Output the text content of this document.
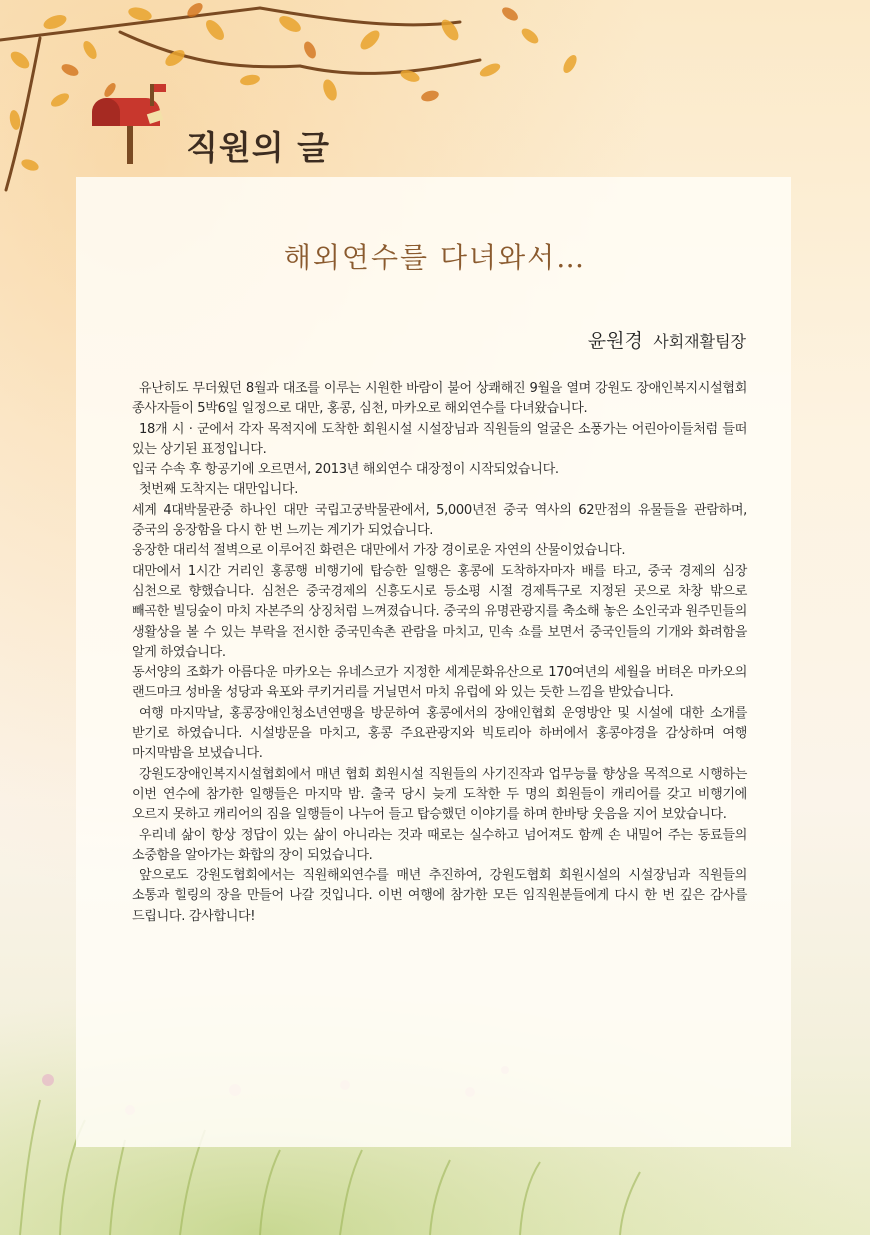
직원의 글
해외연수를 다녀와서…
윤원경 사회재활팀장

유난히도 무더웠던 8월과 대조를 이루는 시원한 바람이 불어 상쾌해진 9월을 열며 강원도 장애인복지시설협회 종사자들이 5박6일 일정으로 대만, 홍콩, 심천, 마카오로 해외연수를 다녀왔습니다.

18개 시 · 군에서 각자 목적지에 도착한 회원시설 시설장님과 직원들의 얼굴은 소풍가는 어린아이들처럼 들떠 있는 상기된 표정입니다.

입국 수속 후 항공기에 오르면서, 2013년 해외연수 대장정이 시작되었습니다.

첫번째 도착지는 대만입니다.

세계 4대박물관중 하나인 대만 국립고궁박물관에서, 5,000년전 중국 역사의 62만점의 유물들을 관람하며, 중국의 웅장함을 다시 한 번 느끼는 계기가 되었습니다.

웅장한 대리석 절벽으로 이루어진 화련은 대만에서 가장 경이로운 자연의 산물이었습니다.

대만에서 1시간 거리인 홍콩행 비행기에 탑승한 일행은 홍콩에 도착하자마자 배를 타고, 중국 경제의 심장 심천으로 향했습니다. 심천은 중국경제의 신흥도시로 등소평 시절 경제특구로 지정된 곳으로 차창 밖으로 빼곡한 빌딩숲이 마치 자본주의 상징처럼 느껴졌습니다. 중국의 유명관광지를 축소해 놓은 소인국과 원주민들의 생활상을 볼 수 있는 부락을 전시한 중국민속촌 관람을 마치고, 민속 쇼를 보면서 중국인들의 기개와 화려함을 알게 하였습니다.

동서양의 조화가 아름다운 마카오는 유네스코가 지정한 세계문화유산으로 170여년의 세월을 버텨온 마카오의 랜드마크 성바울 성당과 육포와 쿠키거리를 거닐면서 마치 유럽에 와 있는 듯한 느낌을 받았습니다.

여행 마지막날, 홍콩장애인청소년연맹을 방문하여 홍콩에서의 장애인협회 운영방안 및 시설에 대한 소개를 받기로 하였습니다. 시설방문을 마치고, 홍콩 주요관광지와 빅토리아 하버에서 홍콩야경을 감상하며 여행 마지막밤을 보냈습니다.

강원도장애인복지시설협회에서 매년 협회 회원시설 직원들의 사기진작과 업무능률 향상을 목적으로 시행하는 이번 연수에 참가한 일행들은 마지막 밤. 출국 당시 늦게 도착한 두 명의 회원들이 캐리어를 갖고 비행기에 오르지 못하고 캐리어의 짐을 일행들이 나누어 들고 탑승했던 이야기를 하며 한바탕 웃음을 지어 보았습니다.

우리네 삶이 항상 정답이 있는 삶이 아니라는 것과 때로는 실수하고 넘어져도 함께 손 내밀어 주는 동료들의 소중함을 알아가는 화합의 장이 되었습니다.

앞으로도 강원도협회에서는 직원해외연수를 매년 추진하여, 강원도협회 회원시설의 시설장님과 직원들의 소통과 힐링의 장을 만들어 나갈 것입니다. 이번 여행에 참가한 모든 임직원분들에게 다시 한 번 깊은 감사를 드립니다. 감사합니다!
